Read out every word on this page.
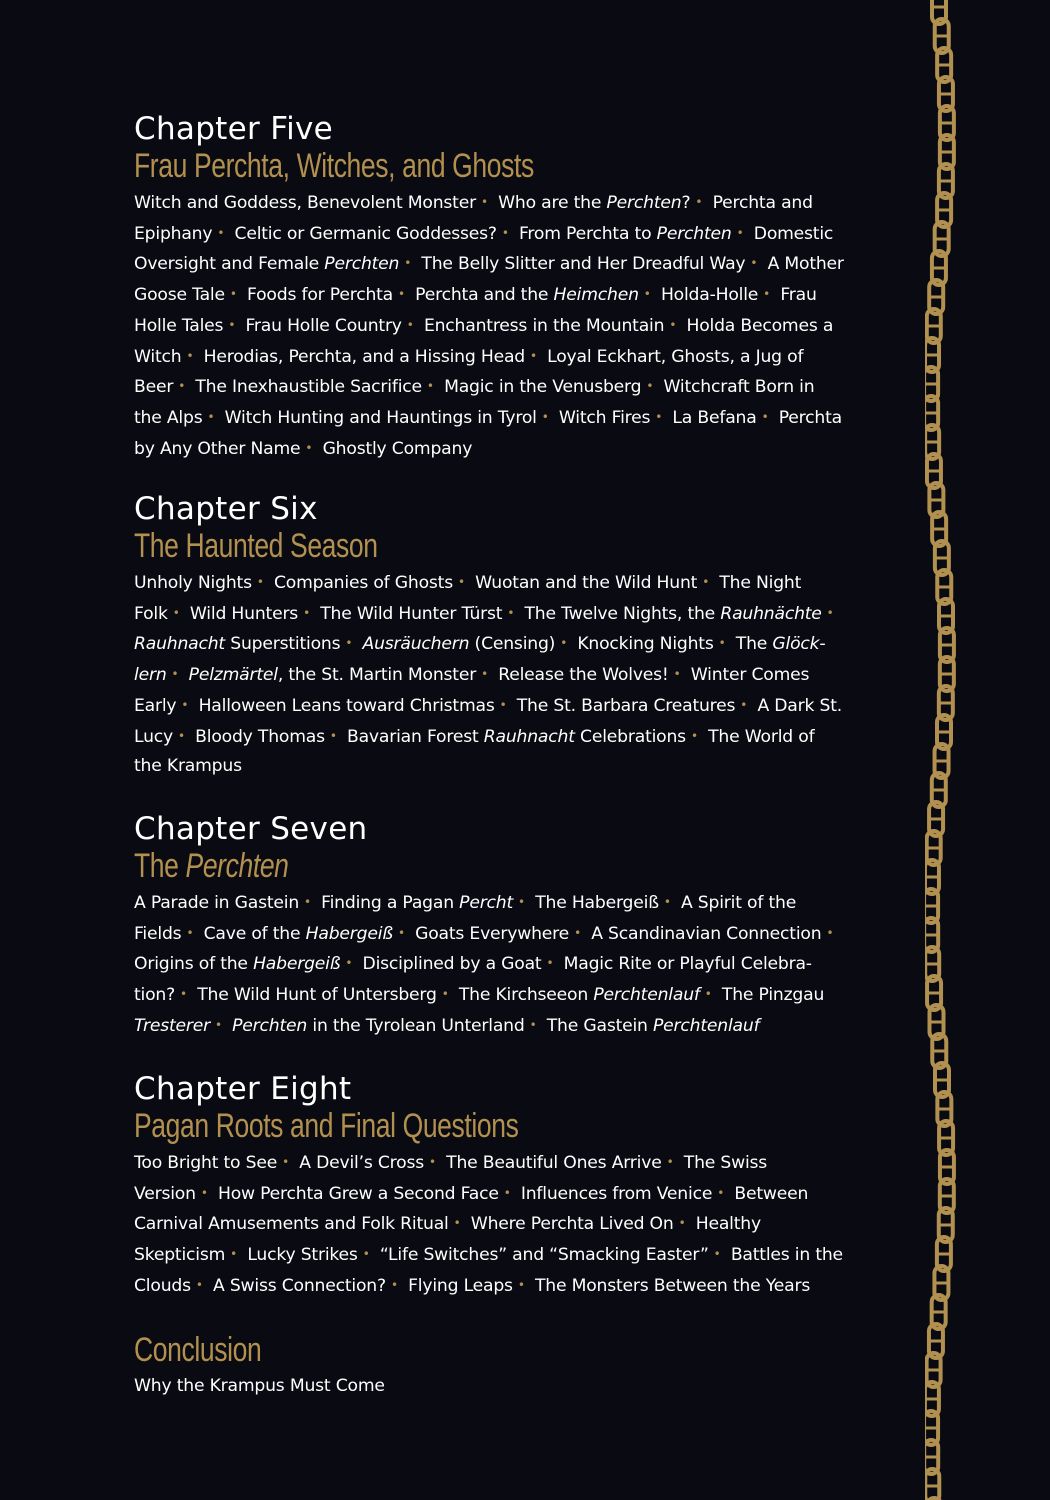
Chapter Five
Frau Perchta, Witches, and Ghosts
Witch and Goddess, Benevolent Monster • Who are the Perchten? • Perchta and Epiphany • Celtic or Germanic Goddesses? • From Perchta to Perchten • Domestic Oversight and Female Perchten • The Belly Slitter and Her Dreadful Way • A Mother Goose Tale • Foods for Perchta • Perchta and the Heimchen • Holda-Holle • Frau Holle Tales • Frau Holle Country • Enchantress in the Mountain • Holda Becomes a Witch • Herodias, Perchta, and a Hissing Head • Loyal Eckhart, Ghosts, a Jug of Beer • The Inexhaustible Sacrifice • Magic in the Venusberg • Witchcraft Born in the Alps • Witch Hunting and Hauntings in Tyrol • Witch Fires • La Befana • Perchta by Any Other Name • Ghostly Company
Chapter Six
The Haunted Season
Unholy Nights • Companies of Ghosts • Wuotan and the Wild Hunt • The Night Folk • Wild Hunters • The Wild Hunter Türst • The Twelve Nights, the Rauhnächte • Rauhnacht Superstitions • Ausräuchern (Censing) • Knocking Nights • The Glöck-lern • Pelzmärtel, the St. Martin Monster • Release the Wolves! • Winter Comes Early • Halloween Leans toward Christmas • The St. Barbara Creatures • A Dark St. Lucy • Bloody Thomas • Bavarian Forest Rauhnacht Celebrations • The World of the Krampus
Chapter Seven
The Perchten
A Parade in Gastein • Finding a Pagan Percht • The Habergeiß • A Spirit of the Fields • Cave of the Habergeiß • Goats Everywhere • A Scandinavian Connection • Origins of the Habergeiß • Disciplined by a Goat • Magic Rite or Playful Celebra-tion? • The Wild Hunt of Untersberg • The Kirchseeon Perchtenlauf • The Pinzgau Tresterer • Perchten in the Tyrolean Unterland • The Gastein Perchtenlauf
Chapter Eight
Pagan Roots and Final Questions
Too Bright to See • A Devil’s Cross • The Beautiful Ones Arrive • The Swiss Version • How Perchta Grew a Second Face • Influences from Venice • Between Carnival Amusements and Folk Ritual • Where Perchta Lived On • Healthy Skepticism • Lucky Strikes • “Life Switches” and “Smacking Easter” • Battles in the Clouds • A Swiss Connection? • Flying Leaps • The Monsters Between the Years
Conclusion
Why the Krampus Must Come
